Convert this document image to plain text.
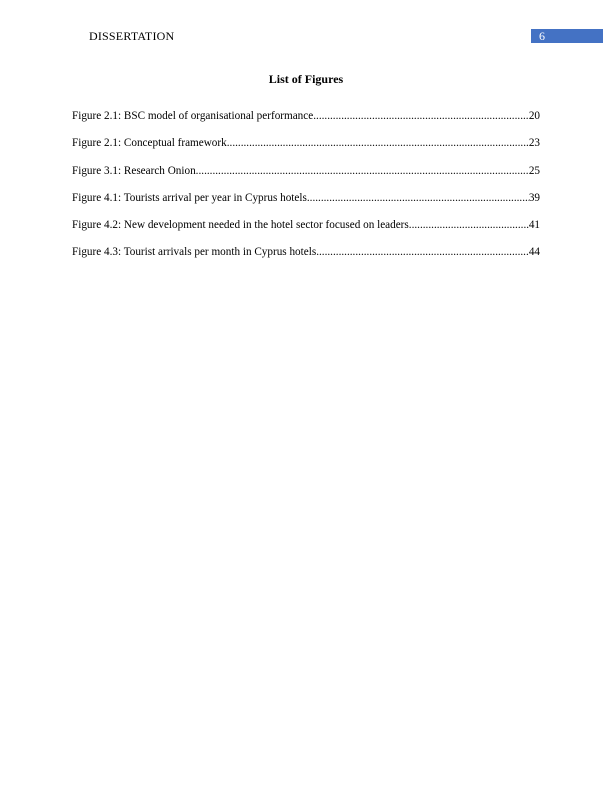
DISSERTATION	6
List of Figures
Figure 2.1: BSC model of organisational performance .....	20
Figure 2.1: Conceptual framework .....	23
Figure 3.1: Research Onion .....	25
Figure 4.1: Tourists arrival per year in Cyprus hotels .....	39
Figure 4.2: New development needed in the hotel sector focused on leaders .....	41
Figure 4.3: Tourist arrivals per month in Cyprus hotels .....	44
